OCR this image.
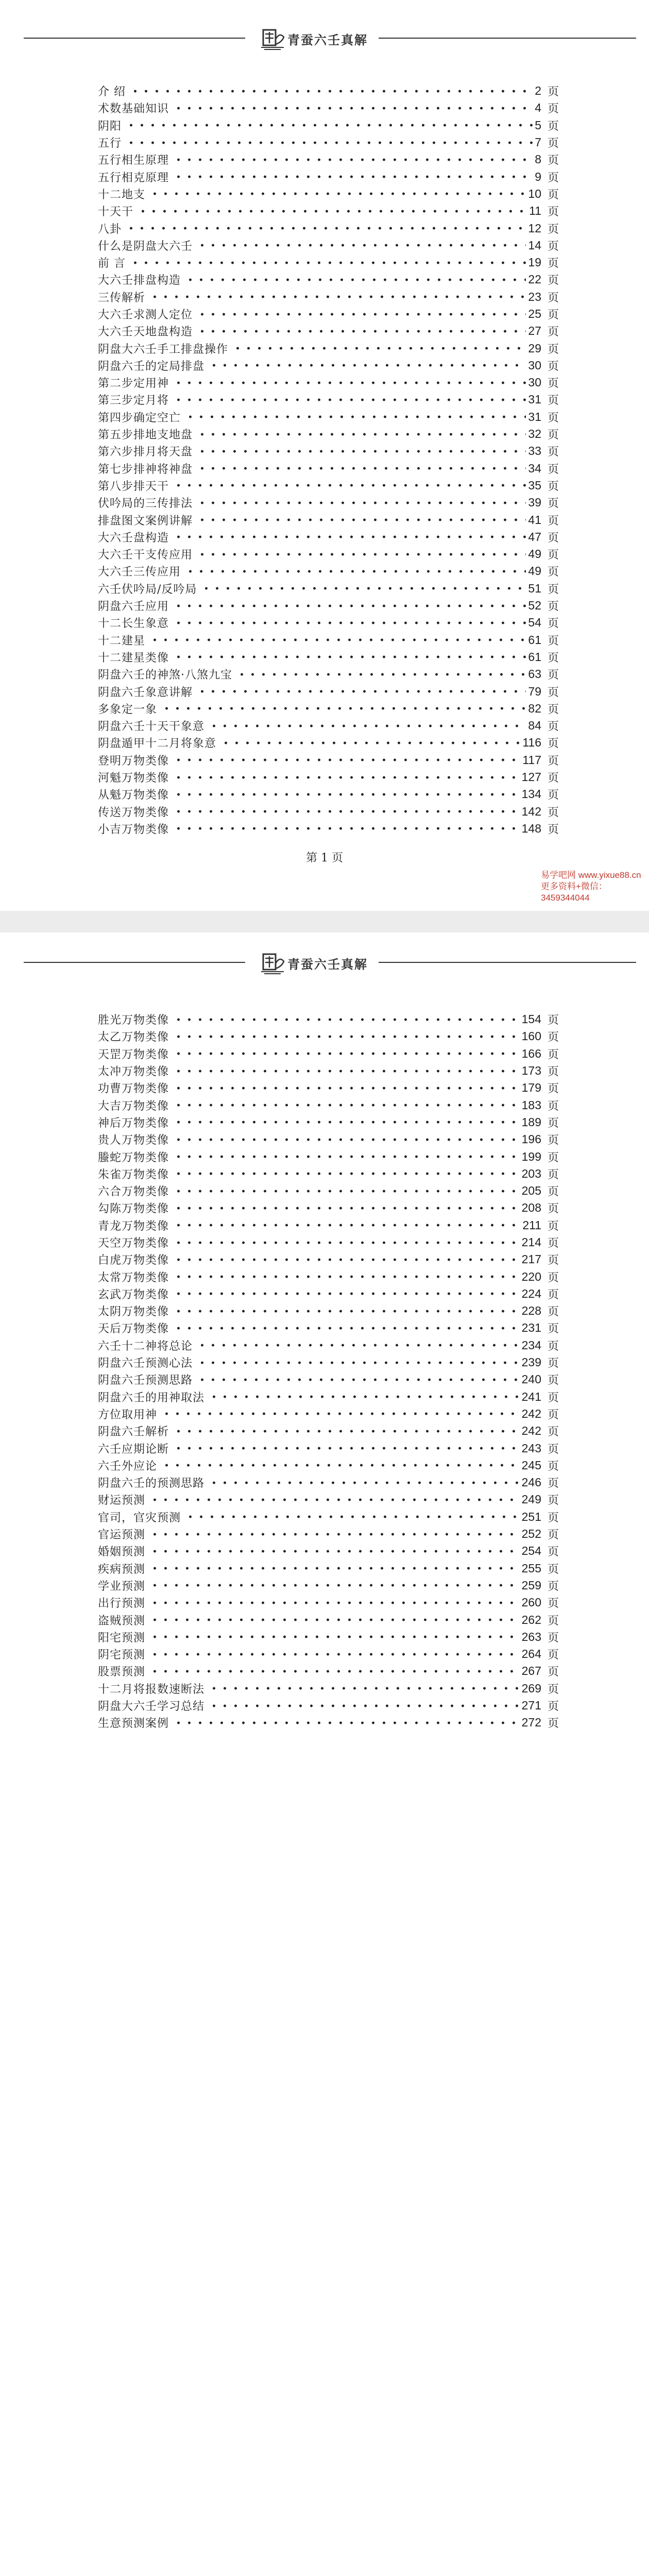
青蚕六壬真解
介 绍	2 页
术数基础知识	4 页
阴阳	5 页
五行	7 页
五行相生原理	8 页
五行相克原理	9 页
十二地支	10 页
十天干	11 页
八卦	12 页
什么是阴盘大六壬	14 页
前 言	19 页
大六壬排盘构造	22 页
三传解析	23 页
大六壬求测人定位	25 页
大六壬天地盘构造	27 页
阴盘大六壬手工排盘操作	29 页
阴盘六壬的定局排盘	30 页
第二步定用神	30 页
第三步定月将	31 页
第四步确定空亡	31 页
第五步排地支地盘	32 页
第六步排月将天盘	33 页
第七步排神将神盘	34 页
第八步排天干	35 页
伏吟局的三传排法	39 页
排盘图文案例讲解	41 页
大六壬盘构造	47 页
大六壬干支传应用	49 页
大六壬三传应用	49 页
六壬伏吟局/反吟局	51 页
阴盘六壬应用	52 页
十二长生象意	54 页
十二建星	61 页
十二建星类像	61 页
阴盘六壬的神煞·八煞九宝	63 页
阴盘六壬象意讲解	79 页
多象定一象	82 页
阴盘六壬十天干象意	84 页
阴盘遁甲十二月将象意	116 页
登明万物类像	117 页
河魁万物类像	127 页
从魁万物类像	134 页
传送万物类像	142 页
小吉万物类像	148 页
第 1 页
易学吧网 www.yixue88.cn
更多资料+微信：3459344044
青蚕六壬真解
胜光万物类像	154 页
太乙万物类像	160 页
天罡万物类像	166 页
太冲万物类像	173 页
功曹万物类像	179 页
大吉万物类像	183 页
神后万物类像	189 页
贵人万物类像	196 页
螣蛇万物类像	199 页
朱雀万物类像	203 页
六合万物类像	205 页
勾陈万物类像	208 页
青龙万物类像	211 页
天空万物类像	214 页
白虎万物类像	217 页
太常万物类像	220 页
玄武万物类像	224 页
太阴万物类像	228 页
天后万物类像	231 页
六壬十二神将总论	234 页
阴盘六壬预测心法	239 页
阴盘六壬预测思路	240 页
阴盘六壬的用神取法	241 页
方位取用神	242 页
阴盘六壬解析	242 页
六壬应期论断	243 页
六壬外应论	245 页
阴盘六壬的预测思路	246 页
财运预测	249 页
官司，官灾预测	251 页
官运预测	252 页
婚姻预测	254 页
疾病预测	255 页
学业预测	259 页
出行预测	260 页
盗贼预测	262 页
阳宅预测	263 页
阴宅预测	264 页
股票预测	267 页
十二月将报数速断法	269 页
阴盘大六壬学习总结	271 页
生意预测案例	272 页
